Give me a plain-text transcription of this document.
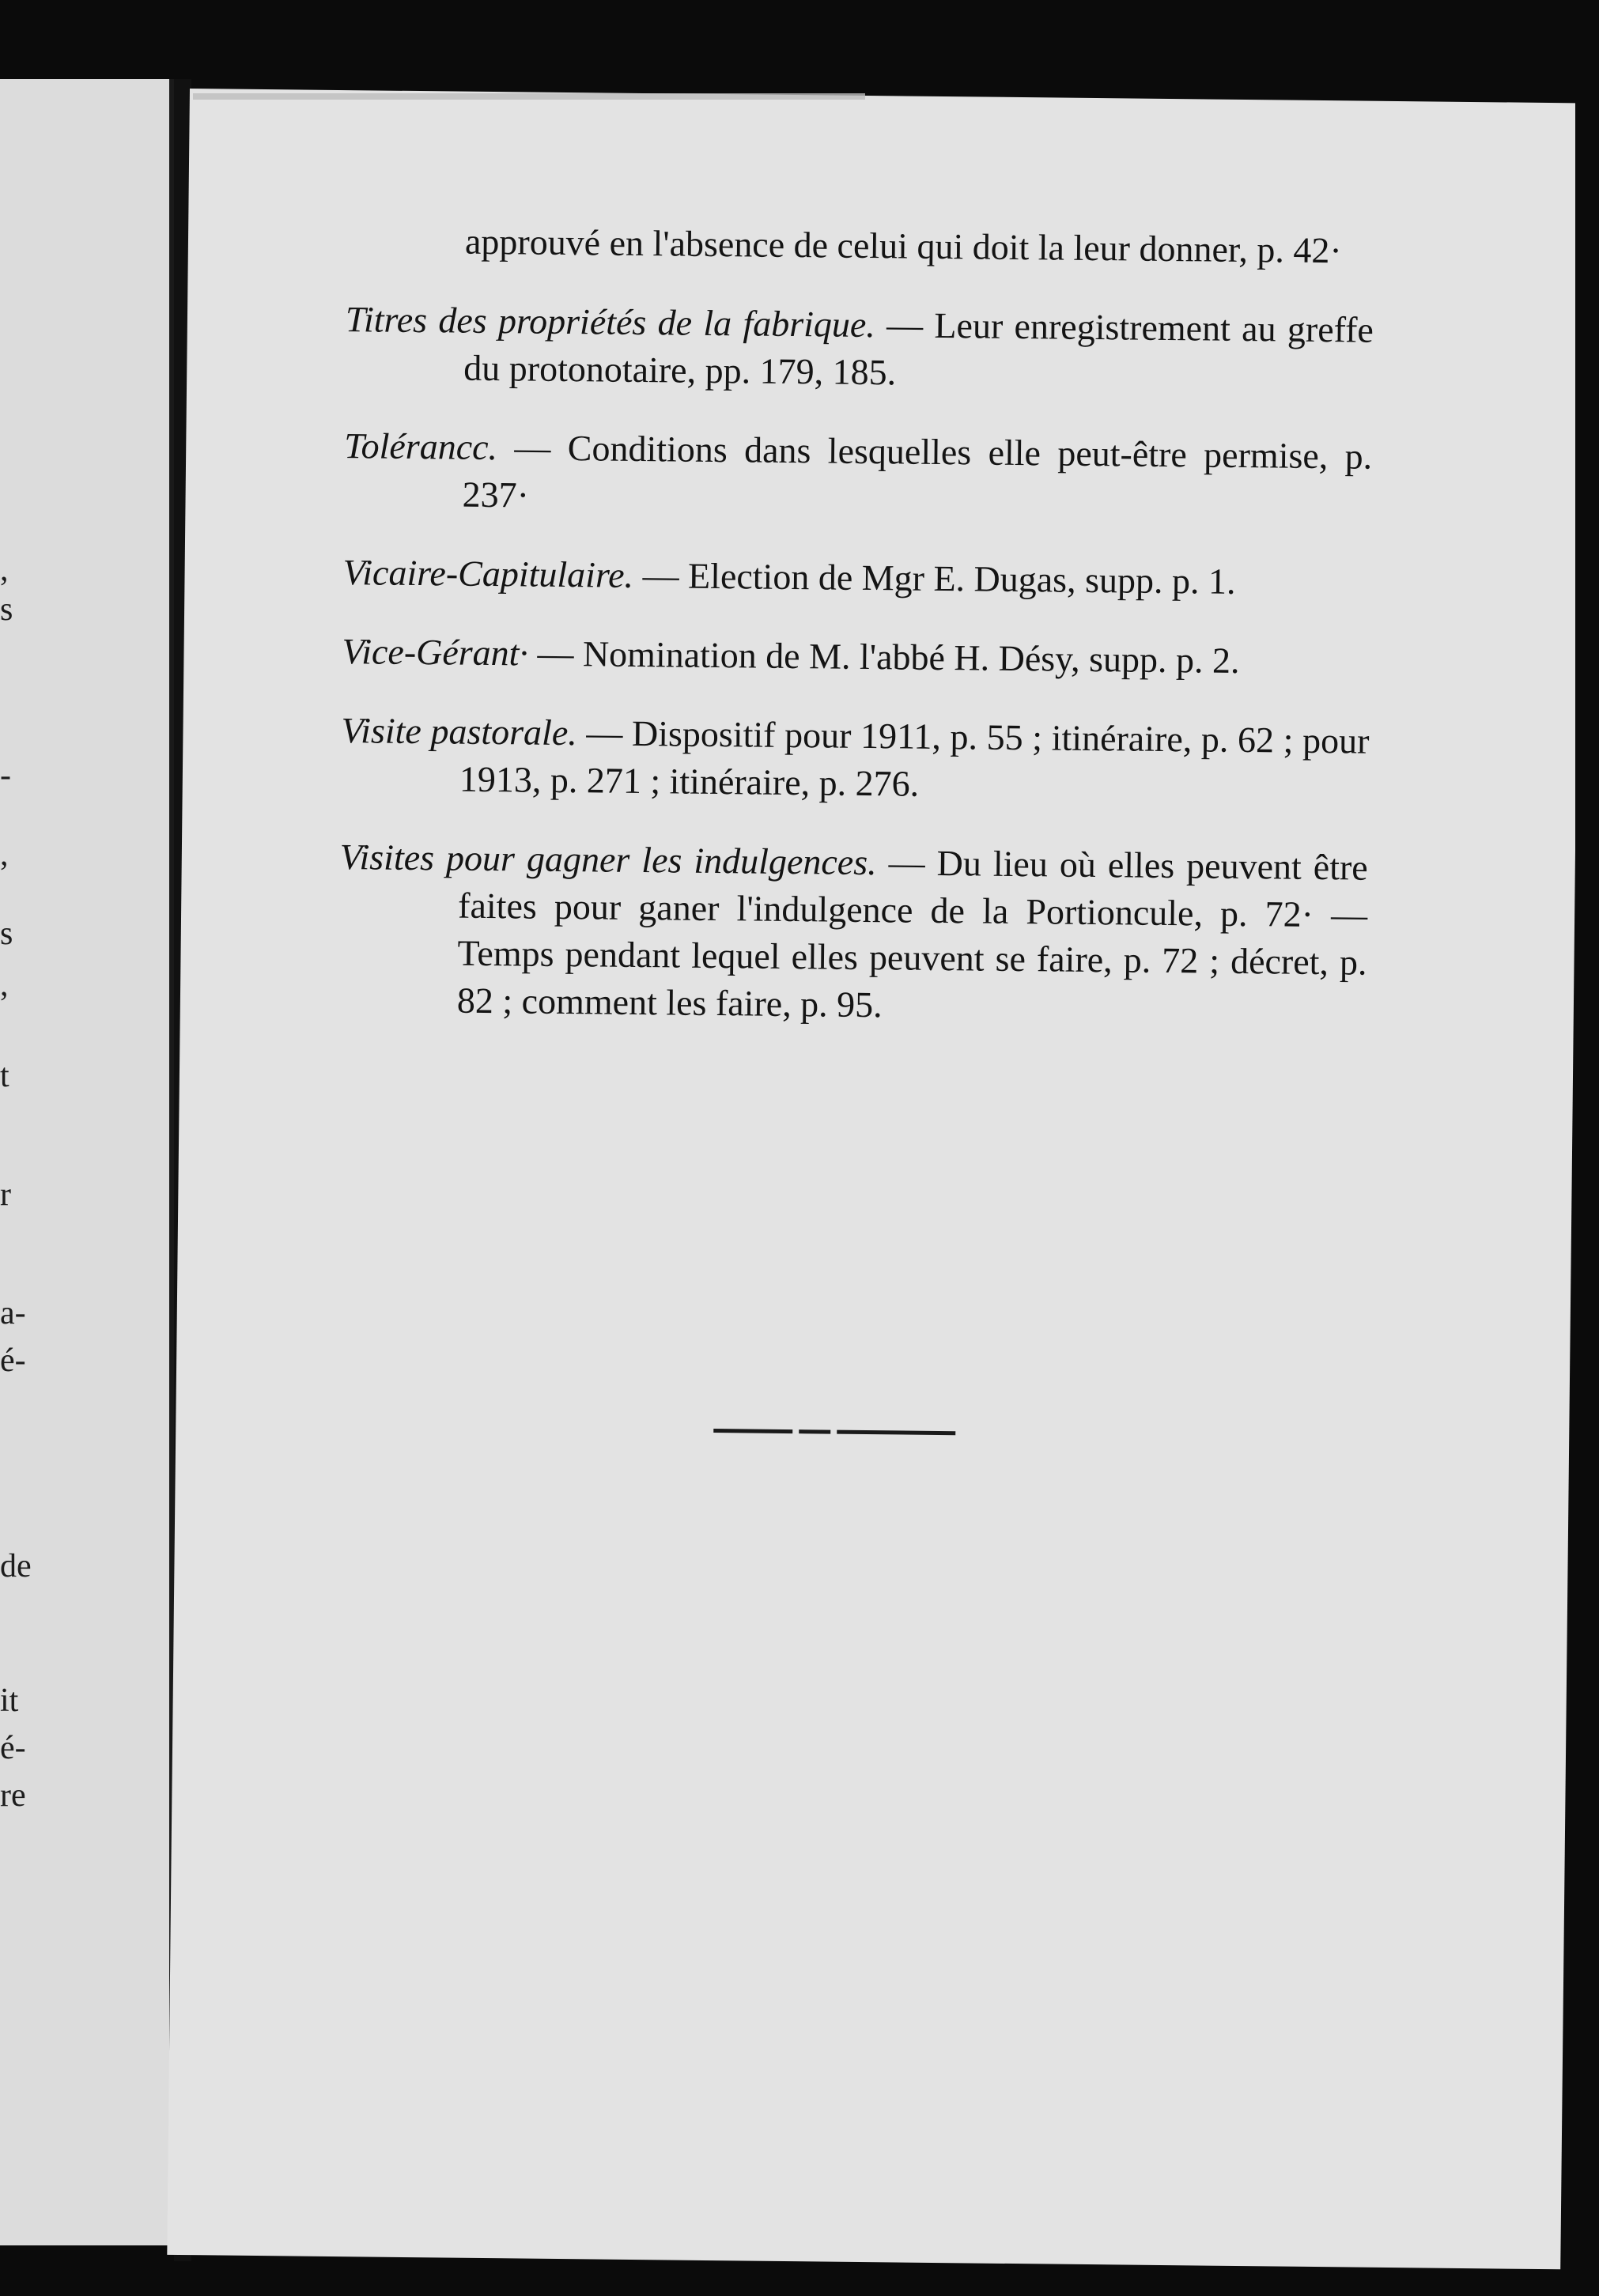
,
s
-
,
s
,
t
r
a-
é-
de
it
é-
re

approuvé en l'absence de celui qui doit la leur donner, p. 42·

Titres des propriétés de la fabrique. — Leur enregistrement au greffe du protonotaire, pp. 179, 185.

Tolérancc. — Conditions dans lesquelles elle peut-être permise, p. 237·

Vicaire-Capitulaire. — Election de Mgr E. Dugas, supp. p. 1.

Vice-Gérant· — Nomination de M. l'abbé H. Désy, supp. p. 2.

Visite pastorale. — Dispositif pour 1911, p. 55 ; itinéraire, p. 62 ; pour 1913, p. 271 ; itinéraire, p. 276.

Visites pour gagner les indulgences. — Du lieu où elles peuvent être faites pour ganer l'indulgence de la Portioncule, p. 72· — Temps pendant lequel elles peuvent se faire, p. 72 ; décret, p. 82 ; comment les faire, p. 95.
